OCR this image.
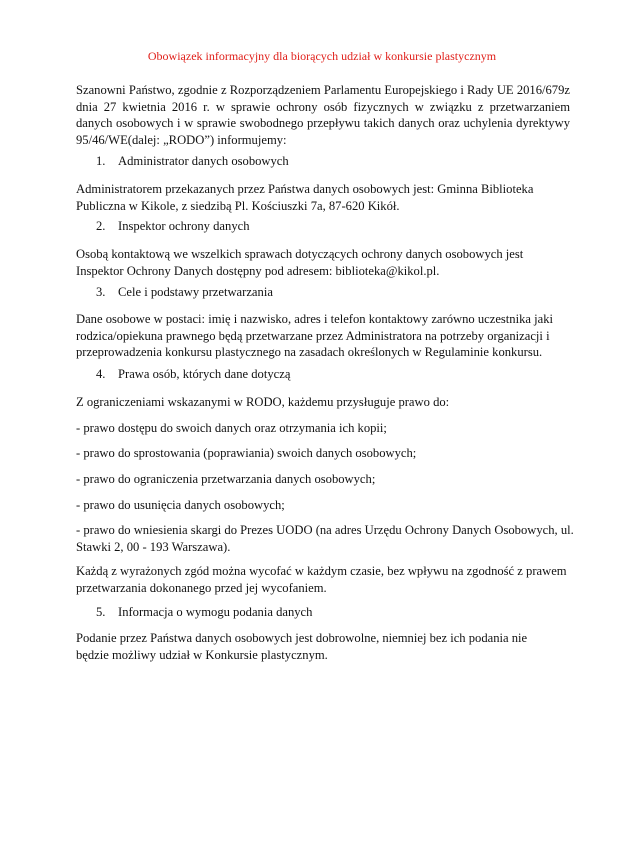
Obowiązek informacyjny dla biorących udział w konkursie plastycznym

Szanowni Państwo, zgodnie z Rozporządzeniem Parlamentu Europejskiego i Rady UE 2016/679z dnia 27 kwietnia 2016 r. w sprawie ochrony osób fizycznych w związku z przetwarzaniem danych osobowych i w sprawie swobodnego przepływu takich danych oraz uchylenia dyrektywy 95/46/WE(dalej: „RODO”) informujemy:

1. Administrator danych osobowych

Administratorem przekazanych przez Państwa danych osobowych jest: Gminna Biblioteka Publiczna w Kikole, z siedzibą Pl. Kościuszki 7a, 87-620 Kikół.

2. Inspektor ochrony danych

Osobą kontaktową we wszelkich sprawach dotyczących ochrony danych osobowych jest Inspektor Ochrony Danych dostępny pod adresem: biblioteka@kikol.pl.

3. Cele i podstawy przetwarzania

Dane osobowe w postaci: imię i nazwisko, adres i telefon kontaktowy zarówno uczestnika jaki rodzica/opiekuna prawnego będą przetwarzane przez Administratora na potrzeby organizacji i przeprowadzenia konkursu plastycznego na zasadach określonych w Regulaminie konkursu.

4. Prawa osób, których dane dotyczą

Z ograniczeniami wskazanymi w RODO, każdemu przysługuje prawo do:

- prawo dostępu do swoich danych oraz otrzymania ich kopii;

- prawo do sprostowania (poprawiania) swoich danych osobowych;

- prawo do ograniczenia przetwarzania danych osobowych;

- prawo do usunięcia danych osobowych;

- prawo do wniesienia skargi do Prezes UODO (na adres Urzędu Ochrony Danych Osobowych, ul. Stawki 2, 00 - 193 Warszawa).

Każdą z wyrażonych zgód można wycofać w każdym czasie, bez wpływu na zgodność z prawem przetwarzania dokonanego przed jej wycofaniem.

5. Informacja o wymogu podania danych

Podanie przez Państwa danych osobowych jest dobrowolne, niemniej bez ich podania nie będzie możliwy udział w Konkursie plastycznym.
